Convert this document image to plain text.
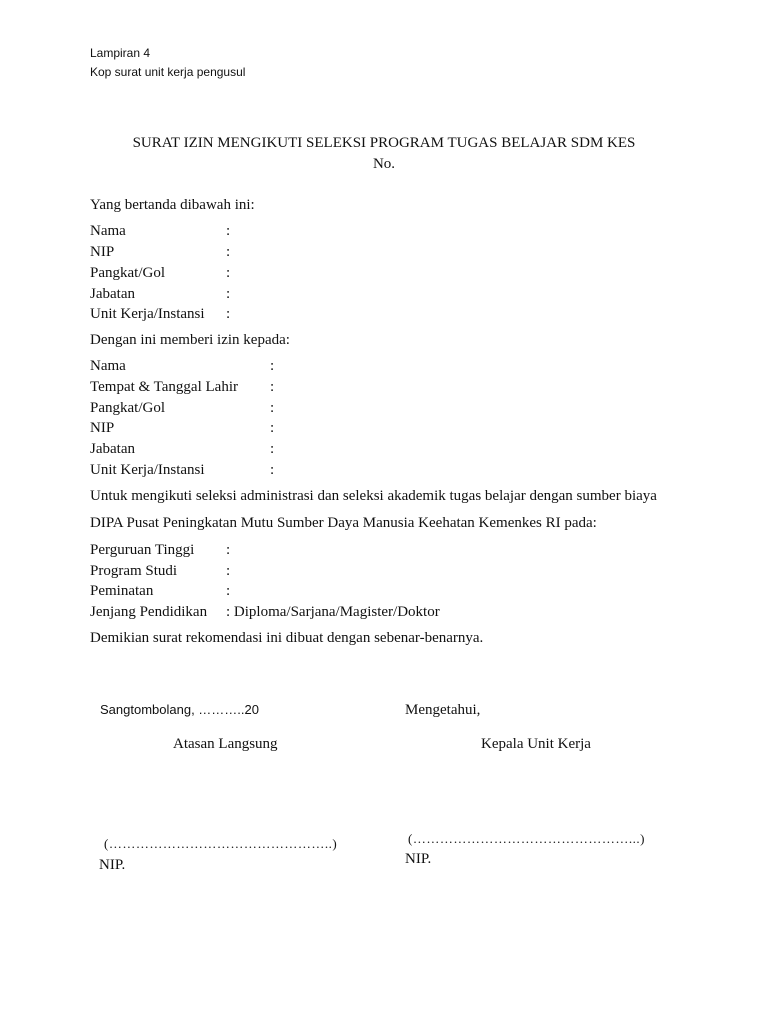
Lampiran 4
Kop surat unit kerja pengusul
SURAT IZIN MENGIKUTI SELEKSI PROGRAM TUGAS BELAJAR SDM KES
No.
Yang bertanda dibawah ini:
Nama	:
NIP	:
Pangkat/Gol	:
Jabatan	:
Unit Kerja/Instansi :
Dengan ini memberi izin kepada:
Nama	:
Tempat & Tanggal Lahir :
Pangkat/Gol	:
NIP	:
Jabatan	:
Unit Kerja/Instansi	:
Untuk mengikuti seleksi administrasi dan seleksi akademik tugas belajar dengan sumber biaya
DIPA Pusat Peningkatan Mutu Sumber Daya Manusia Keehatan Kemenkes RI pada:
Perguruan Tinggi :
Program Studi	:
Peminatan	:
Jenjang Pendidikan : Diploma/Sarjana/Magister/Doktor
Demikian surat rekomendasi ini dibuat dengan sebenar-benarnya.
Sangtombolang, ………..20	Mengetahui,
Atasan Langsung	Kepala Unit Kerja
(…………………………………………..)	(…………………………………………...)
NIP.	NIP.
